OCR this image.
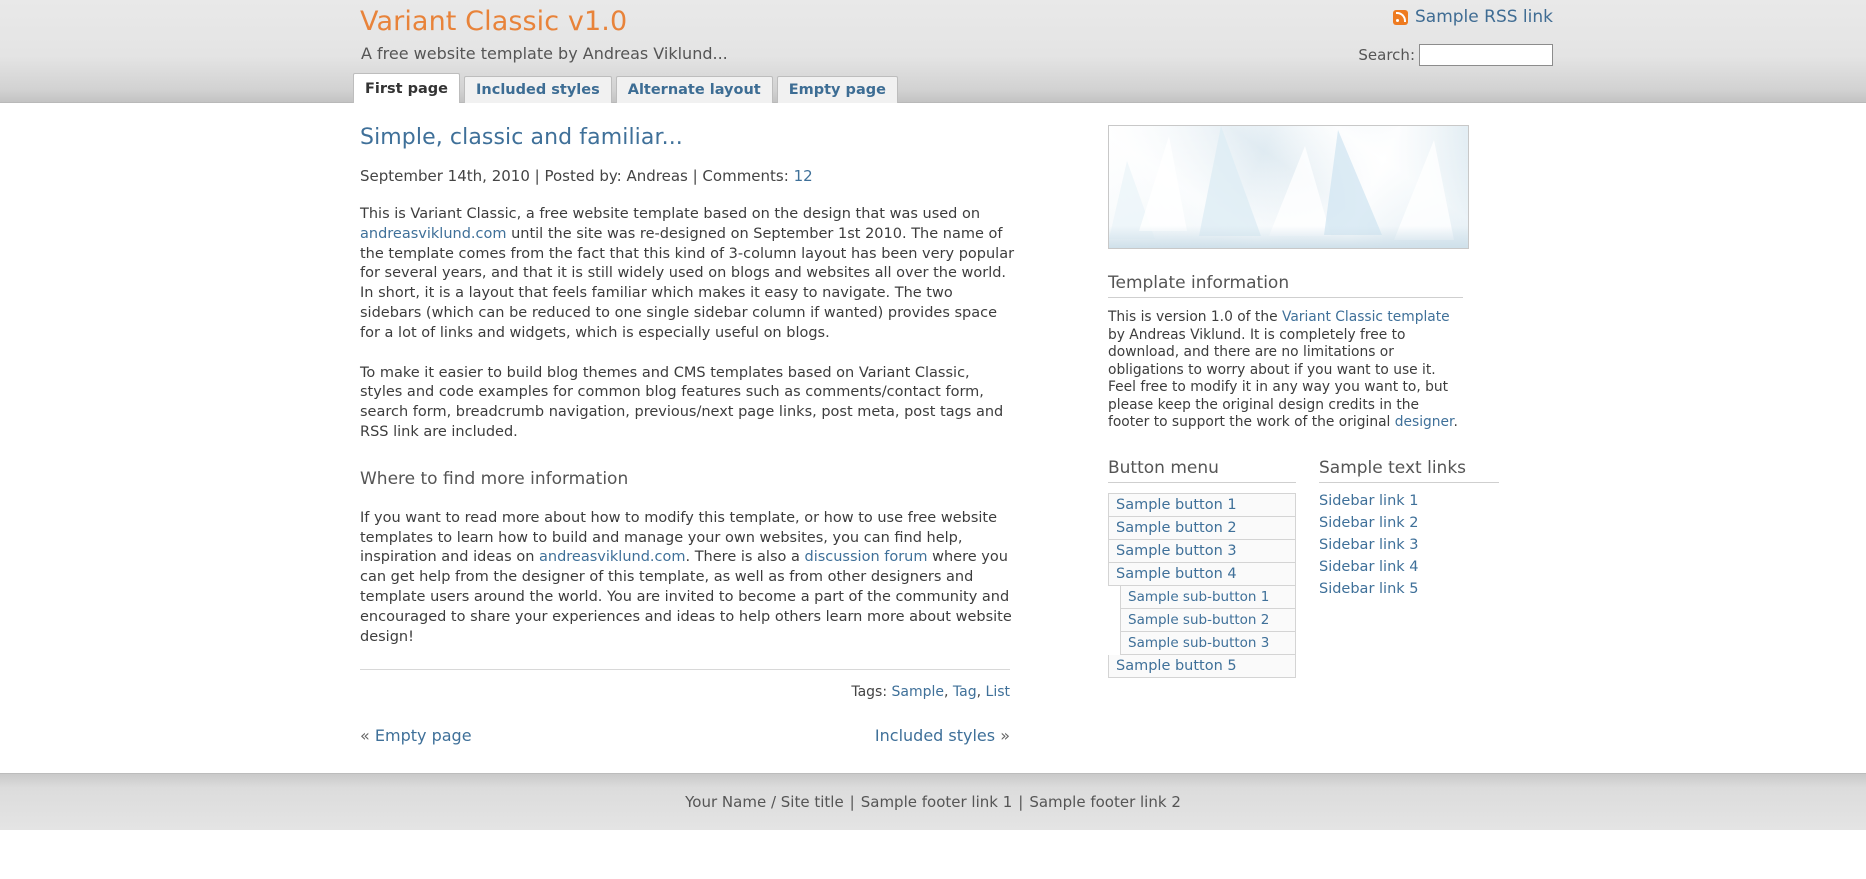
Variant Classic v1.0
A free website template by Andreas Viklund...
Sample RSS link
Search:
First page	Included styles	Alternate layout	Empty page
Simple, classic and familiar...
September 14th, 2010 | Posted by: Andreas | Comments: 12

This is Variant Classic, a free website template based on the design that was used on andreasviklund.com until the site was re-designed on September 1st 2010. The name of the template comes from the fact that this kind of 3-column layout has been very popular for several years, and that it is still widely used on blogs and websites all over the world. In short, it is a layout that feels familiar which makes it easy to navigate. The two sidebars (which can be reduced to one single sidebar column if wanted) provides space for a lot of links and widgets, which is especially useful on blogs.

To make it easier to build blog themes and CMS templates based on Variant Classic, styles and code examples for common blog features such as comments/contact form, search form, breadcrumb navigation, previous/next page links, post meta, post tags and RSS link are included.

Where to find more information

If you want to read more about how to modify this template, or how to use free website templates to learn how to build and manage your own websites, you can find help, inspiration and ideas on andreasviklund.com. There is also a discussion forum where you can get help from the designer of this template, as well as from other designers and template users around the world. You are invited to become a part of the community and encouraged to share your experiences and ideas to help others learn more about website design!

Tags: Sample, Tag, List
« Empty page	Included styles »
Template information

This is version 1.0 of the Variant Classic template by Andreas Viklund. It is completely free to download, and there are no limitations or obligations to worry about if you want to use it. Feel free to modify it in any way you want to, but please keep the original design credits in the footer to support the work of the original designer.

Button menu
Sample button 1
Sample button 2
Sample button 3
Sample button 4
Sample sub-button 1
Sample sub-button 2
Sample sub-button 3
Sample button 5
Sample text links
Sidebar link 1
Sidebar link 2
Sidebar link 3
Sidebar link 4
Sidebar link 5
Your Name / Site title | Sample footer link 1 | Sample footer link 2
